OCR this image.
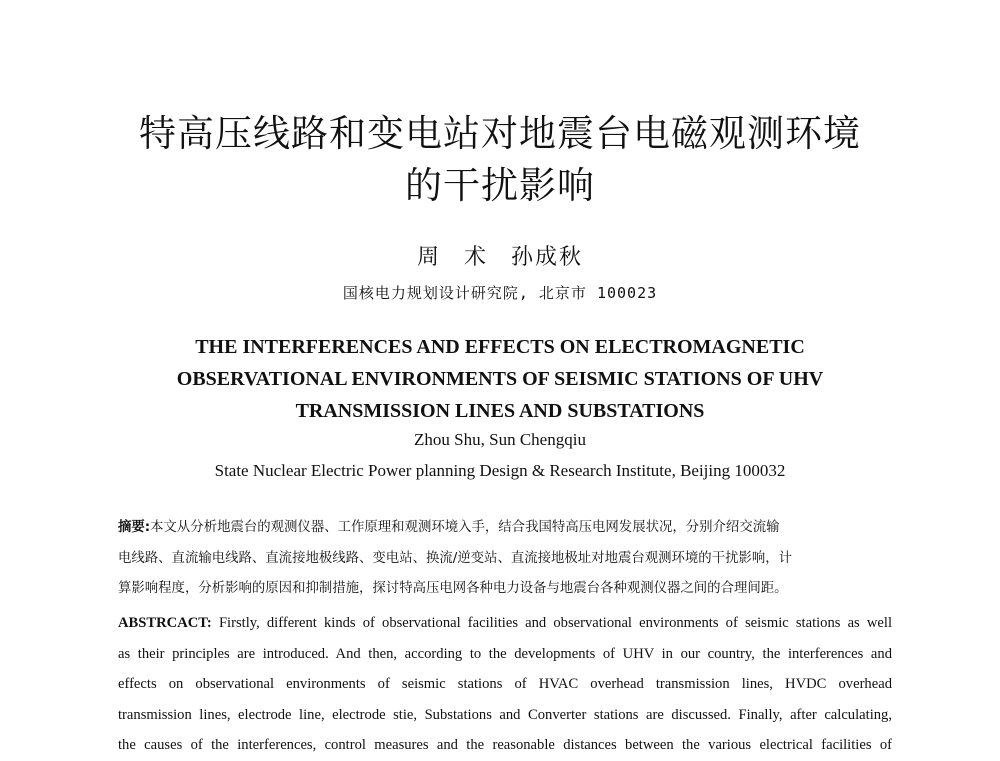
特高压线路和变电站对地震台电磁观测环境
的干扰影响
周 术 孙成秋
国核电力规划设计研究院, 北京市 100023
THE INTERFERENCES AND EFFECTS ON ELECTROMAGNETIC
OBSERVATIONAL ENVIRONMENTS OF SEISMIC STATIONS OF UHV
TRANSMISSION LINES AND SUBSTATIONS
Zhou Shu, Sun Chengqiu
State Nuclear Electric Power planning Design & Research Institute, Beijing 100032
摘要:本文从分析地震台的观测仪器、工作原理和观测环境入手，结合我国特高压电网发展状况，分别介绍交流输
电线路、直流输电线路、直流接地极线路、变电站、换流/逆变站、直流接地极址对地震台观测环境的干扰影响，计
算影响程度，分析影响的原因和抑制措施，探讨特高压电网各种电力设备与地震台各种观测仪器之间的合理间距。
ABSTRCACT: Firstly, different kinds of observational facilities and observational environments of seismic stations as well
as their principles are introduced. And then, according to the developments of UHV in our country, the interferences and
effects on observational environments of seismic stations of HVAC overhead transmission lines, HVDC overhead
transmission lines, electrode line, electrode stie, Substations and Converter stations are discussed. Finally, after calculating,
the causes of the interferences, control measures and the reasonable distances between the various electrical facilities of
